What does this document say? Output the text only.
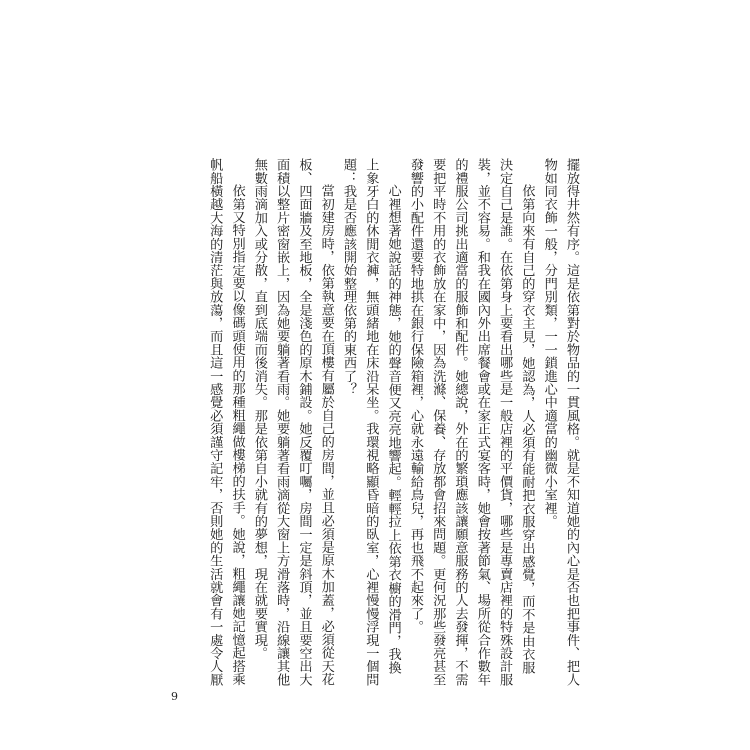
擺放得井然有序。這是依第對於物品的一貫風格。就是不知道她的內心是否也把事件、把人
物如同衣飾一般，分門別類，一一鎖進心中適當的幽微小室裡。
依第向來有自己的穿衣主見，她認為，人必須有能耐把衣服穿出感覺，而不是由衣服
決定自己是誰。在依第身上要看出哪些是一般店裡的平價貨，哪些是專賣店裡的特殊設計服
裝，並不容易。和我在國內外出席餐會或在家正式宴客時，她會按著節氣、場所從合作數年
的禮服公司挑出適當的服飾和配件。她總說，外在的繁瑣應該讓願意服務的人去發揮，不需
要把平時不用的衣飾放在家中，因為洗滌、保養、存放都會招來問題。更何況那些發亮甚至
發響的小配件還要特地拱在銀行保險箱裡，心就永遠輸給鳥兒，再也飛不起來了。
心裡想著她說話的神態，她的聲音便又亮亮地響起。輕輕拉上依第衣櫥的滑門，我換
上象牙白的休閒衣褲，無頭緒地在床沿呆坐。我環視略顯昏暗的臥室，心裡慢慢浮現一個問
題：我是否應該開始整理依第的東西了？
當初建房時，依第執意要在頂樓有屬於自己的房間，並且必須是原木加蓋，必須從天花
板、四面牆及至地板，全是淺色的原木鋪設。她反覆叮囑，房間一定是斜頂，並且要空出大
面積以整片密窗嵌上，因為她要躺著看雨。她要躺著看雨滴從大窗上方滑落時，沿線讓其他
無數雨滴加入或分散，直到底端而後消失。那是依第自小就有的夢想，現在就要實現。
依第又特別指定要以像碼頭使用的那種粗繩做樓梯的扶手。她說，粗繩讓她記憶起搭乘
帆船橫越大海的清茫與放蕩，而且這一感覺必須謹守記牢，否則她的生活就會有一處令人厭
9
